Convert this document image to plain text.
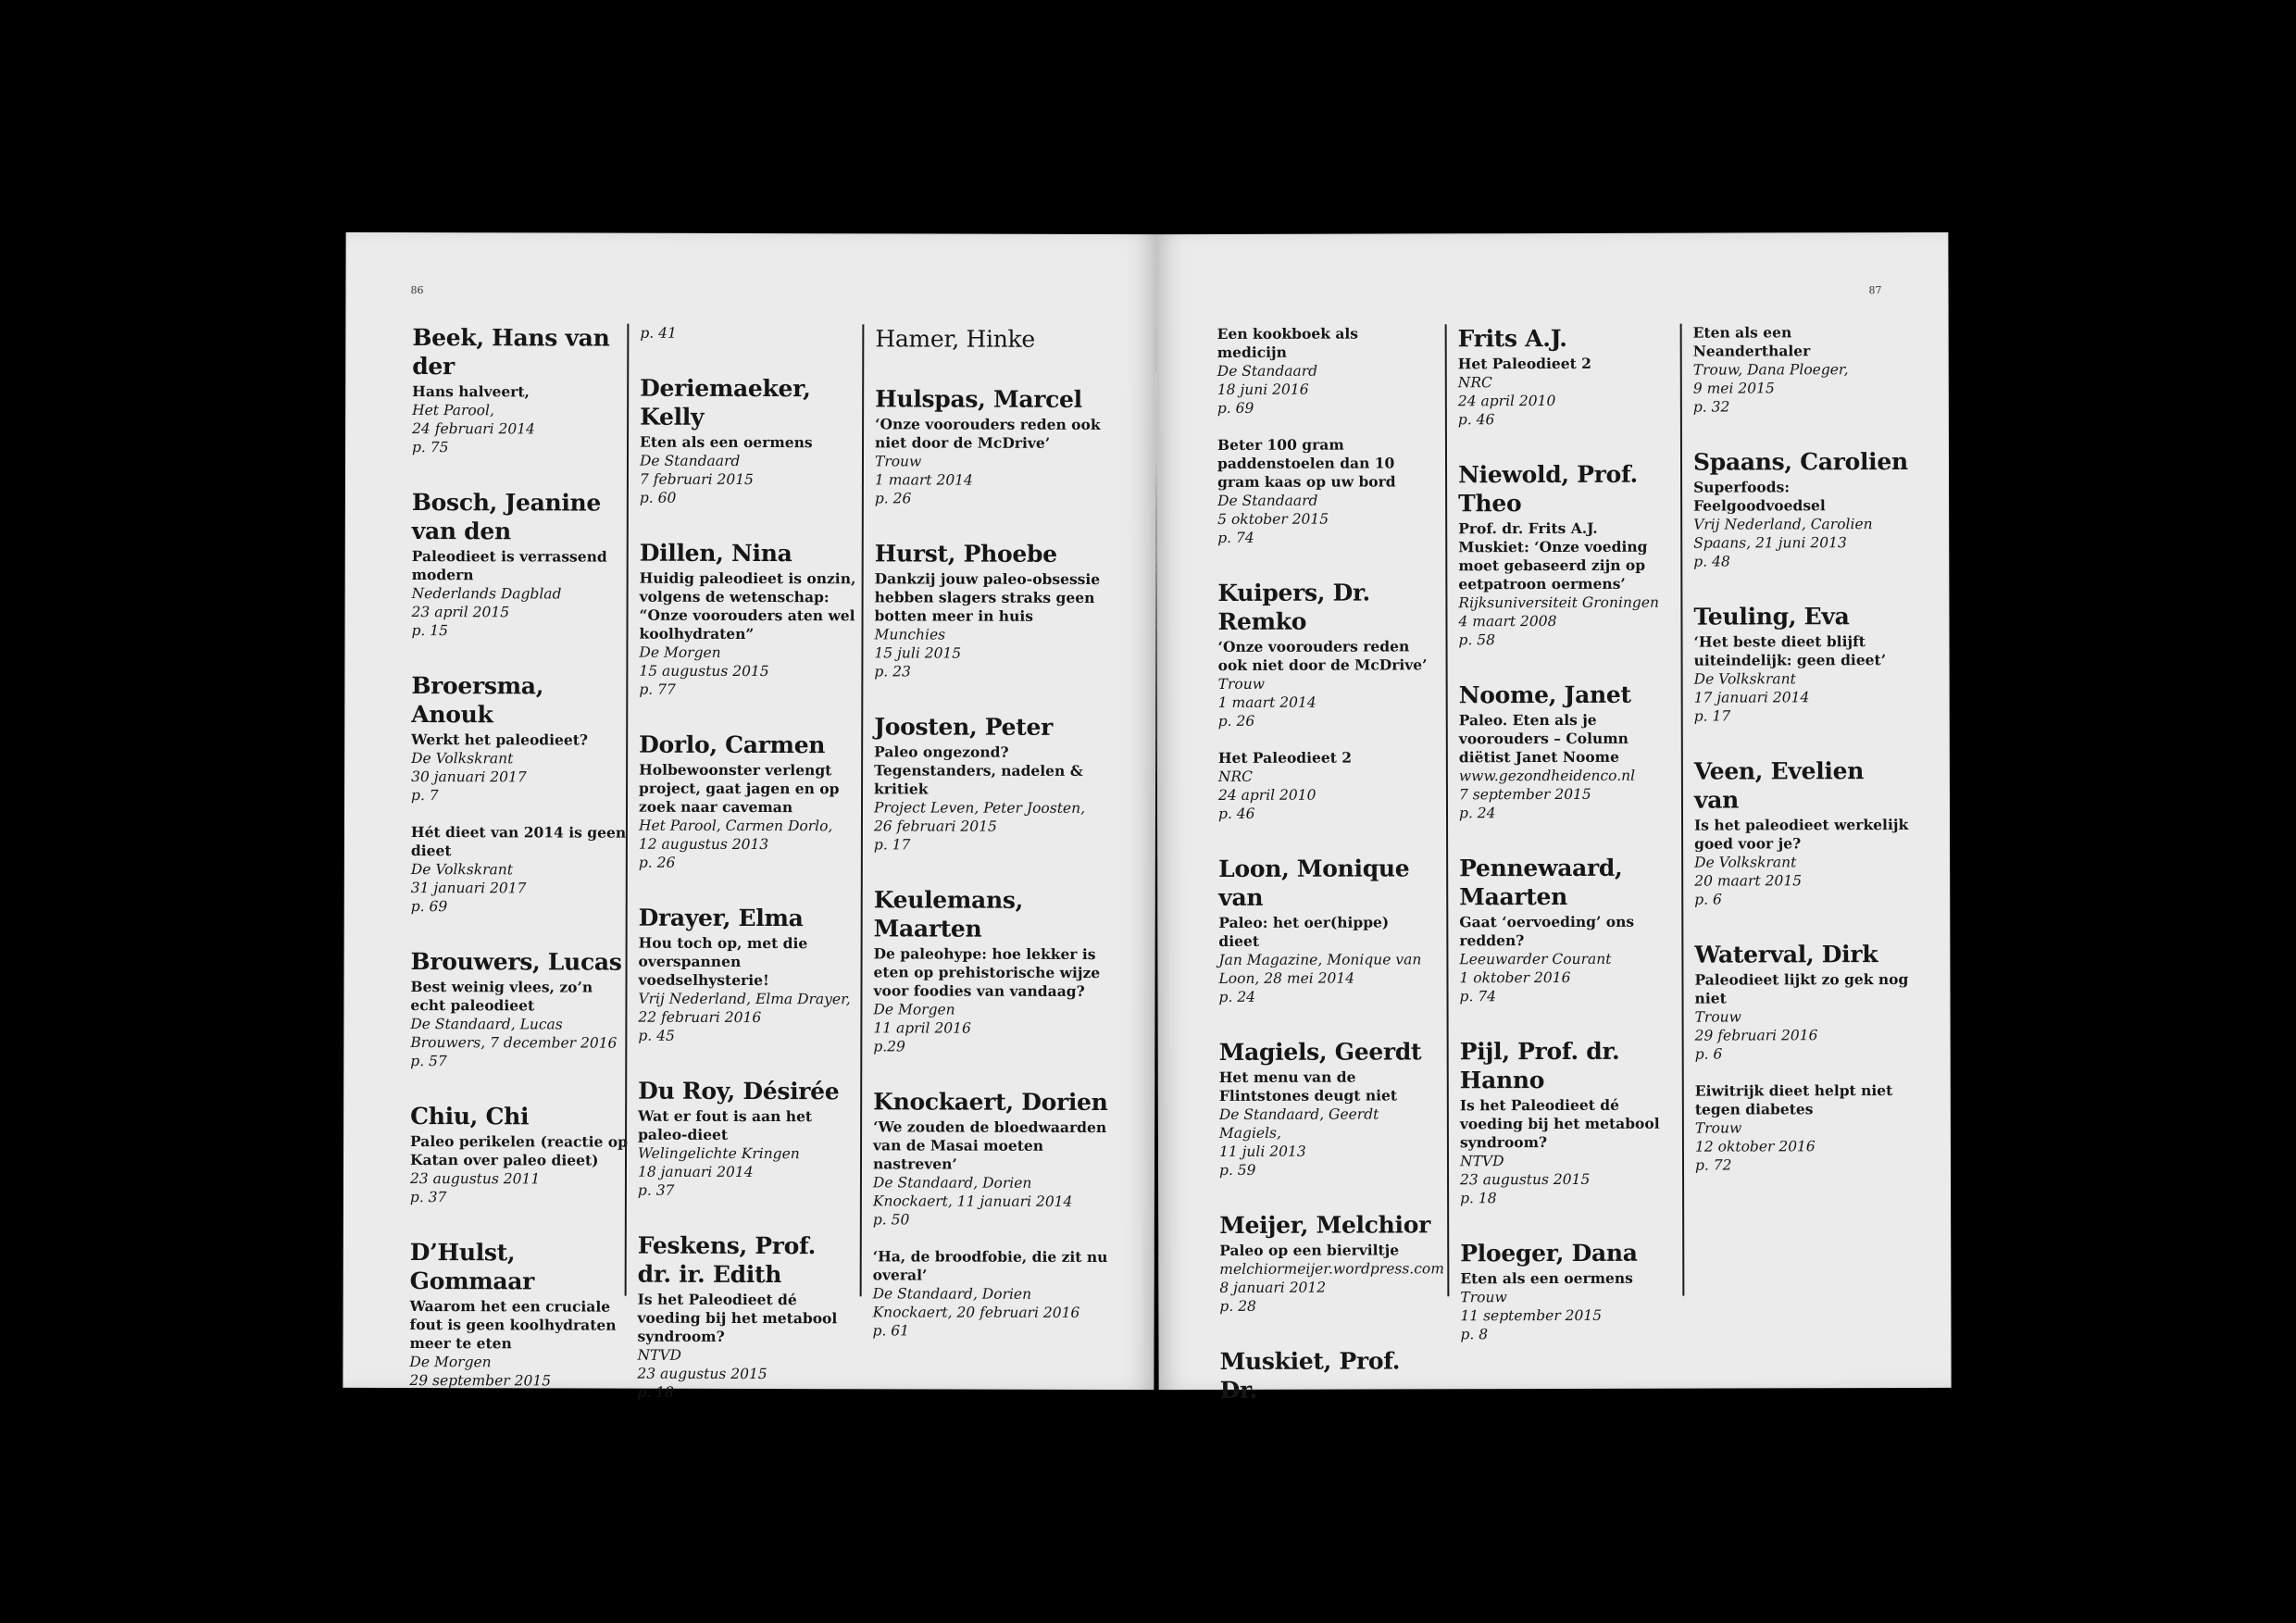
86
Beek, Hans van der
Hans halveert,
Het Parool,
24 februari 2014
p. 75
Bosch, Jeanine van den
Paleodieet is verrassend modern
Nederlands Dagblad
23 april 2015
p. 15
Broersma, Anouk
Werkt het paleodieet?
De Volkskrant
30 januari 2017
p. 7
Hét dieet van 2014 is geen dieet
De Volkskrant
31 januari 2017
p. 69
Brouwers, Lucas
Best weinig vlees, zo’n echt paleodieet
De Standaard, Lucas Brouwers, 7 december 2016
p. 57
Chiu, Chi
Paleo perikelen (reactie op Katan over paleo dieet)
23 augustus 2011
p. 37
D’Hulst, Gommaar
Waarom het een cruciale fout is geen koolhydraten meer te eten
De Morgen
29 september 2015
p. 41
Deriemaeker, Kelly
Eten als een oermens
De Standaard
7 februari 2015
p. 60
Dillen, Nina
Huidig paleodieet is onzin, volgens de wetenschap: “Onze voorouders aten wel koolhydraten”
De Morgen
15 augustus 2015
p. 77
Dorlo, Carmen
Holbewoonster verlengt project, gaat jagen en op zoek naar caveman
Het Parool, Carmen Dorlo,
12 augustus 2013
p. 26
Drayer, Elma
Hou toch op, met die overspannen voedselhysterie!
Vrij Nederland, Elma Drayer,
22 februari 2016
p. 45
Du Roy, Désirée
Wat er fout is aan het paleo-dieet
Welingelichte Kringen
18 januari 2014
p. 37
Feskens, Prof. dr. ir. Edith
Is het Paleodieet dé voeding bij het metabool syndroom?
NTVD
23 augustus 2015
p. 18
Hamer, Hinke
Hulspas, Marcel
‘Onze voorouders reden ook niet door de McDrive’
Trouw
1 maart 2014
p. 26
Hurst, Phoebe
Dankzij jouw paleo-obsessie hebben slagers straks geen botten meer in huis
Munchies
15 juli 2015
p. 23
Joosten, Peter
Paleo ongezond? Tegenstanders, nadelen & kritiek
Project Leven, Peter Joosten,
26 februari 2015
p. 17
Keulemans, Maarten
De paleohype: hoe lekker is eten op prehistorische wijze voor foodies van vandaag?
De Morgen
11 april 2016
p.29
Knockaert, Dorien
‘We zouden de bloedwaarden van de Masai moeten nastreven’
De Standaard, Dorien Knockaert, 11 januari 2014
p. 50
‘Ha, de broodfobie, die zit nu overal’
De Standaard, Dorien Knockaert, 20 februari 2016
p. 61
87
Een kookboek als medicijn
De Standaard
18 juni 2016
p. 69
Beter 100 gram paddenstoelen dan 10 gram kaas op uw bord
De Standaard
5 oktober 2015
p. 74
Kuipers, Dr. Remko
‘Onze voorouders reden ook niet door de McDrive’
Trouw
1 maart 2014
p. 26
Het Paleodieet 2
NRC
24 april 2010
p. 46
Loon, Monique van
Paleo: het oer(hippe) dieet
Jan Magazine, Monique van Loon, 28 mei 2014
p. 24
Magiels, Geerdt
Het menu van de Flintstones deugt niet
De Standaard, Geerdt Magiels,
11 juli 2013
p. 59
Meijer, Melchior
Paleo op een bierviltje
melchiormeijer.wordpress.com
8 januari 2012
p. 28
Muskiet, Prof. Dr.
Frits A.J.
Het Paleodieet 2
NRC
24 april 2010
p. 46
Niewold, Prof. Theo
Prof. dr. Frits A.J. Muskiet: ‘Onze voeding moet gebaseerd zijn op eetpatroon oermens’
Rijksuniversiteit Groningen
4 maart 2008
p. 58
Noome, Janet
Paleo. Eten als je voorouders – Column diëtist Janet Noome
www.gezondheidenco.nl
7 september 2015
p. 24
Pennewaard, Maarten
Gaat ‘oervoeding’ ons redden?
Leeuwarder Courant
1 oktober 2016
p. 74
Pijl, Prof. dr. Hanno
Is het Paleodieet dé voeding bij het metabool syndroom?
NTVD
23 augustus 2015
p. 18
Ploeger, Dana
Eten als een oermens
Trouw
11 september 2015
p. 8
Eten als een Neanderthaler
Trouw, Dana Ploeger,
9 mei 2015
p. 32
Spaans, Carolien
Superfoods: Feelgoodvoedsel
Vrij Nederland, Carolien Spaans, 21 juni 2013
p. 48
Teuling, Eva
‘Het beste dieet blijft uiteindelijk: geen dieet’
De Volkskrant
17 januari 2014
p. 17
Veen, Evelien van
Is het paleodieet werkelijk goed voor je?
De Volkskrant
20 maart 2015
p. 6
Waterval, Dirk
Paleodieet lijkt zo gek nog niet
Trouw
29 februari 2016
p. 6
Eiwitrijk dieet helpt niet tegen diabetes
Trouw
12 oktober 2016
p. 72
